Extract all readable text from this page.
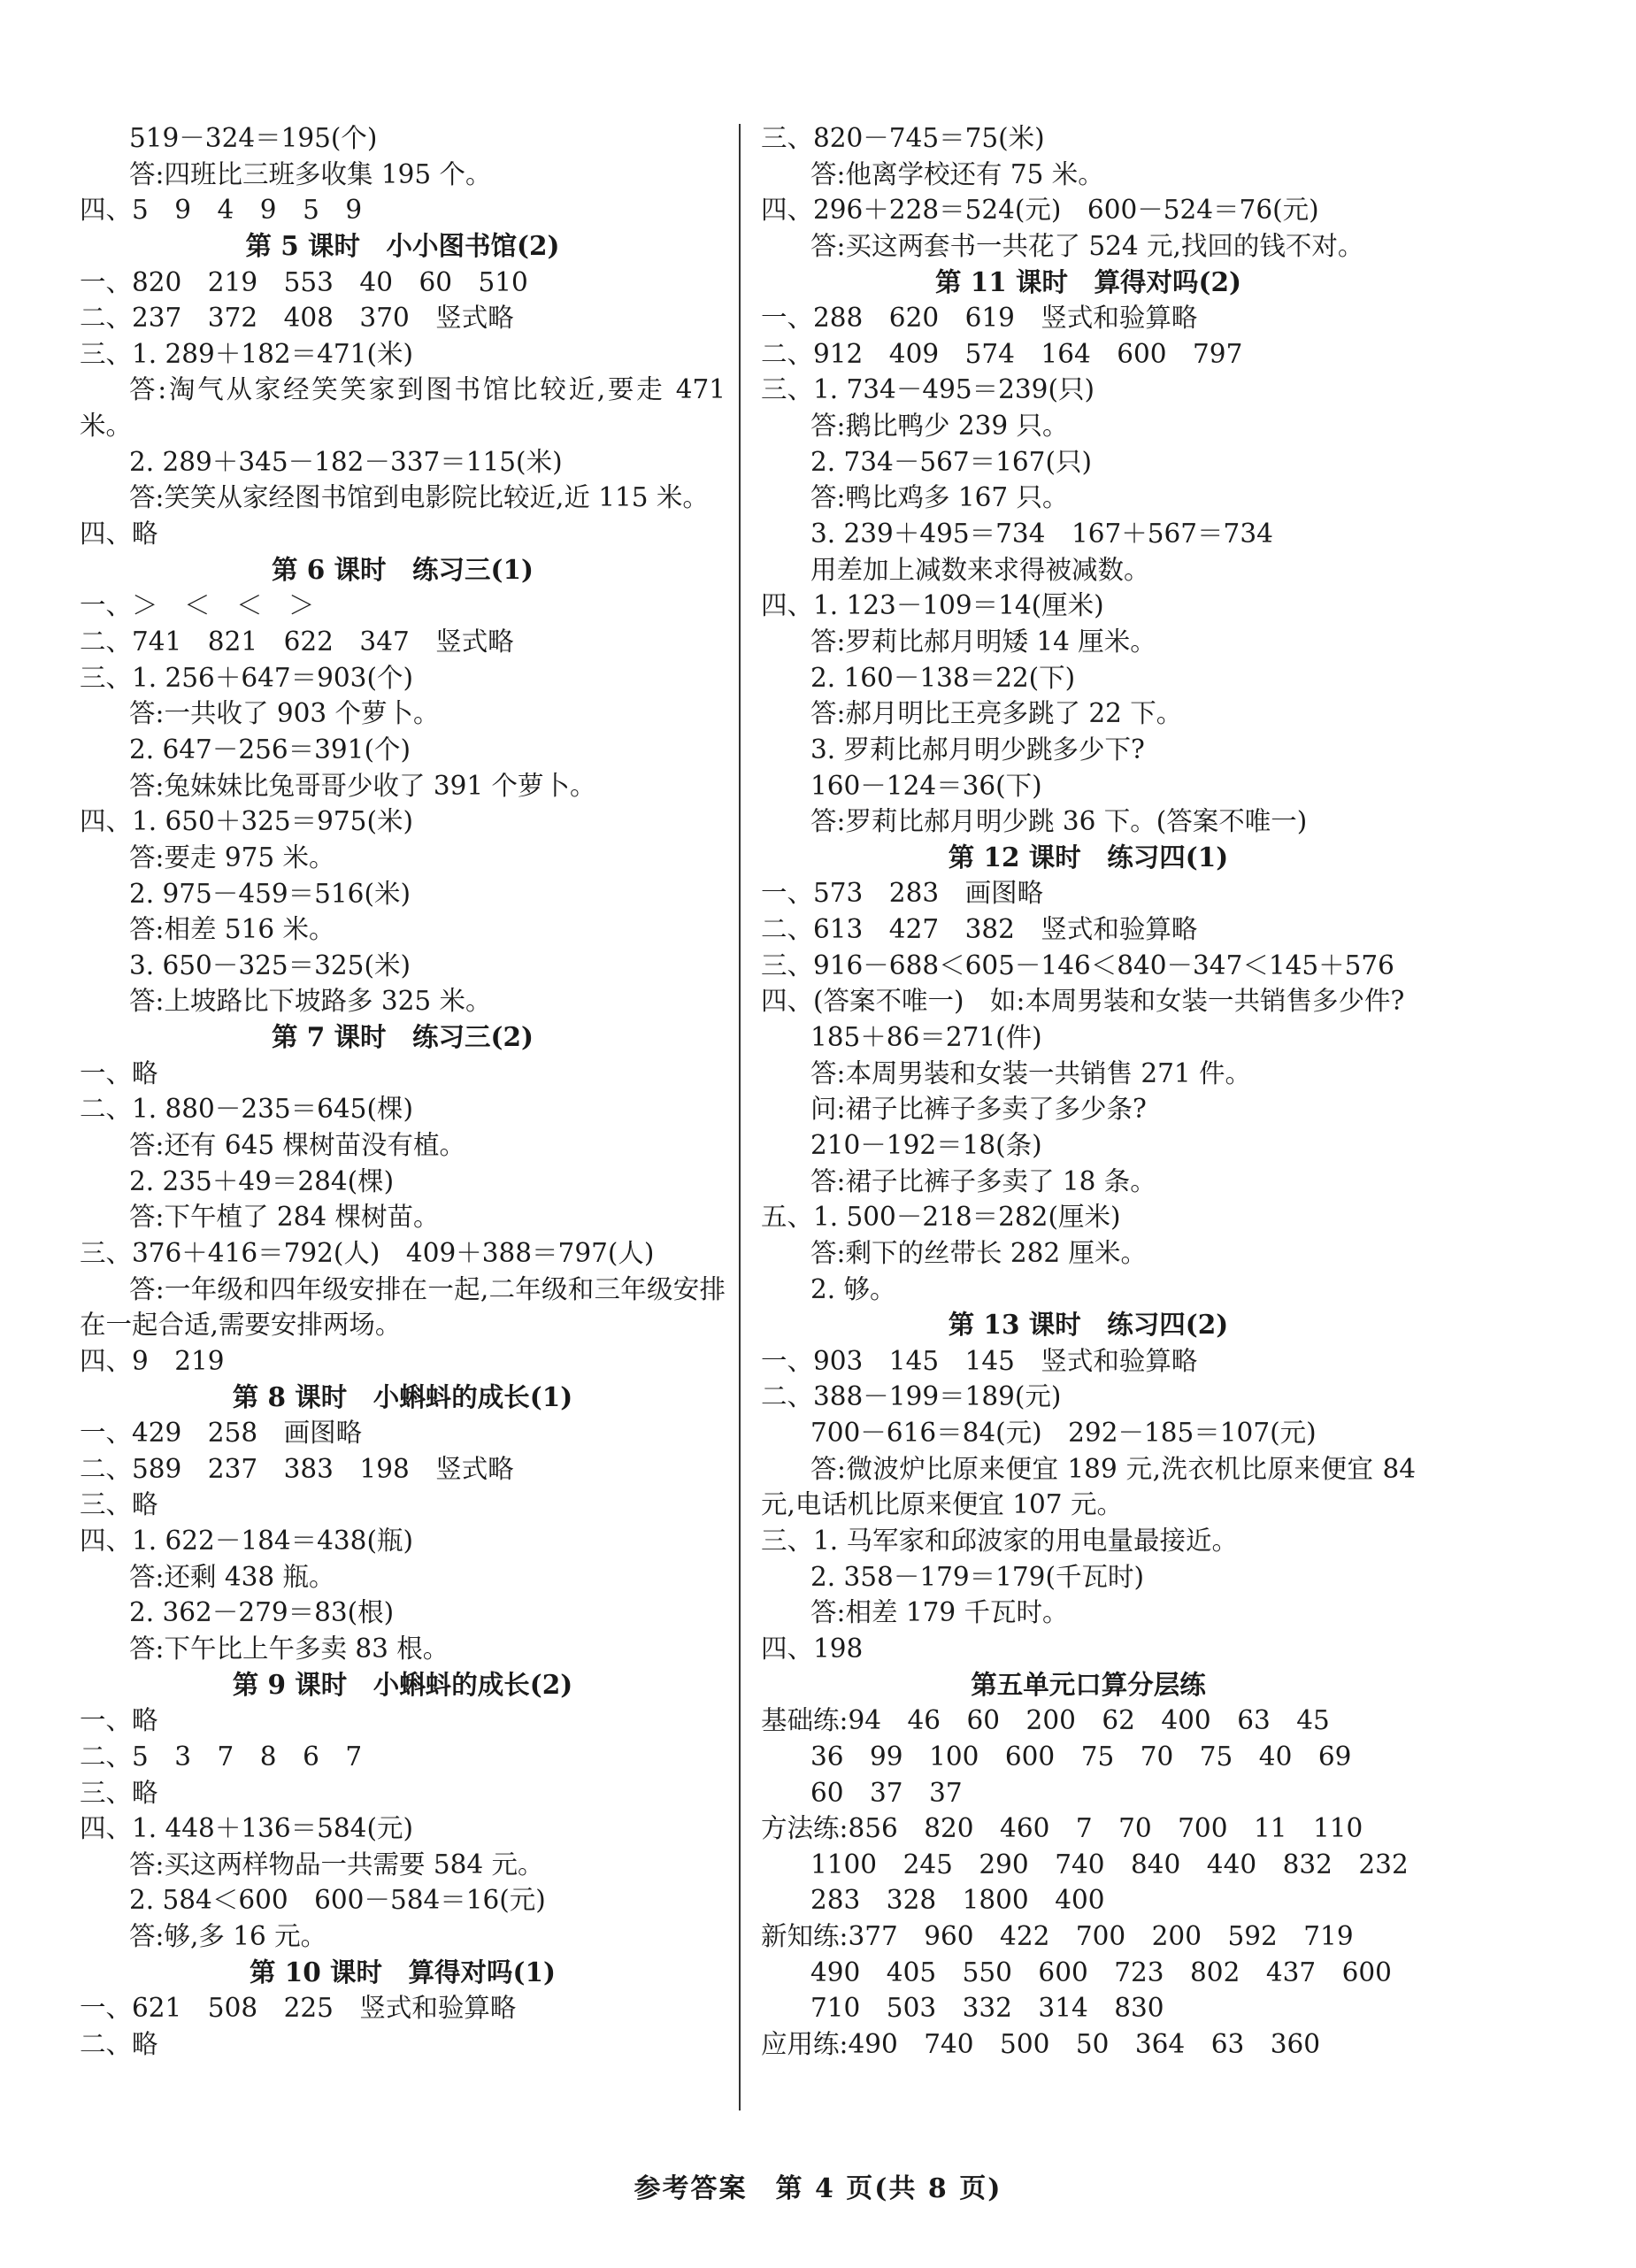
519－324＝195(个)
答:四班比三班多收集 195 个。
四、5　9　4　9　5　9
第 5 课时　小小图书馆(2)
一、820　219　553　40　60　510
二、237　372　408　370　竖式略
三、1. 289＋182＝471(米)
答:淘气从家经笑笑家到图书馆比较近,要走 471 米。
2. 289＋345－182－337＝115(米)
答:笑笑从家经图书馆到电影院比较近,近 115 米。
四、略
第 6 课时　练习三(1)
一、＞　＜　＜　＞
二、741　821　622　347　竖式略
三、1. 256＋647＝903(个)
答:一共收了 903 个萝卜。
2. 647－256＝391(个)
答:兔妹妹比兔哥哥少收了 391 个萝卜。
四、1. 650＋325＝975(米)
答:要走 975 米。
2. 975－459＝516(米)
答:相差 516 米。
3. 650－325＝325(米)
答:上坡路比下坡路多 325 米。
第 7 课时　练习三(2)
一、略
二、1. 880－235＝645(棵)
答:还有 645 棵树苗没有植。
2. 235＋49＝284(棵)
答:下午植了 284 棵树苗。
三、376＋416＝792(人)　409＋388＝797(人)
答:一年级和四年级安排在一起,二年级和三年级安排在一起合适,需要安排两场。
四、9　219
第 8 课时　小蝌蚪的成长(1)
一、429　258　画图略
二、589　237　383　198　竖式略
三、略
四、1. 622－184＝438(瓶)
答:还剩 438 瓶。
2. 362－279＝83(根)
答:下午比上午多卖 83 根。
第 9 课时　小蝌蚪的成长(2)
一、略
二、5　3　7　8　6　7
三、略
四、1. 448＋136＝584(元)
答:买这两样物品一共需要 584 元。
2. 584＜600　600－584＝16(元)
答:够,多 16 元。
第 10 课时　算得对吗(1)
一、621　508　225　竖式和验算略
二、略
三、820－745＝75(米)
答:他离学校还有 75 米。
四、296＋228＝524(元)　600－524＝76(元)
答:买这两套书一共花了 524 元,找回的钱不对。
第 11 课时　算得对吗(2)
一、288　620　619　竖式和验算略
二、912　409　574　164　600　797
三、1. 734－495＝239(只)
答:鹅比鸭少 239 只。
2. 734－567＝167(只)
答:鸭比鸡多 167 只。
3. 239＋495＝734　167＋567＝734
用差加上减数来求得被减数。
四、1. 123－109＝14(厘米)
答:罗莉比郝月明矮 14 厘米。
2. 160－138＝22(下)
答:郝月明比王亮多跳了 22 下。
3. 罗莉比郝月明少跳多少下?
160－124＝36(下)
答:罗莉比郝月明少跳 36 下。(答案不唯一)
第 12 课时　练习四(1)
一、573　283　画图略
二、613　427　382　竖式和验算略
三、916－688＜605－146＜840－347＜145＋576
四、(答案不唯一)　如:本周男装和女装一共销售多少件?
185＋86＝271(件)
答:本周男装和女装一共销售 271 件。
问:裙子比裤子多卖了多少条?
210－192＝18(条)
答:裙子比裤子多卖了 18 条。
五、1. 500－218＝282(厘米)
答:剩下的丝带长 282 厘米。
2. 够。
第 13 课时　练习四(2)
一、903　145　145　竖式和验算略
二、388－199＝189(元)
700－616＝84(元)　292－185＝107(元)
答:微波炉比原来便宜 189 元,洗衣机比原来便宜 84 元,电话机比原来便宜 107 元。
三、1. 马军家和邱波家的用电量最接近。
2. 358－179＝179(千瓦时)
答:相差 179 千瓦时。
四、198
第五单元口算分层练
基础练:94　46　60　200　62　400　63　45
36　99　100　600　75　70　75　40　69
60　37　37
方法练:856　820　460　7　70　700　11　110
1100　245　290　740　840　440　832　232
283　328　1800　400
新知练:377　960　422　700　200　592　719
490　405　550　600　723　802　437　600
710　503　332　314　830
应用练:490　740　500　50　364　63　360
参考答案　第 4 页(共 8 页)
